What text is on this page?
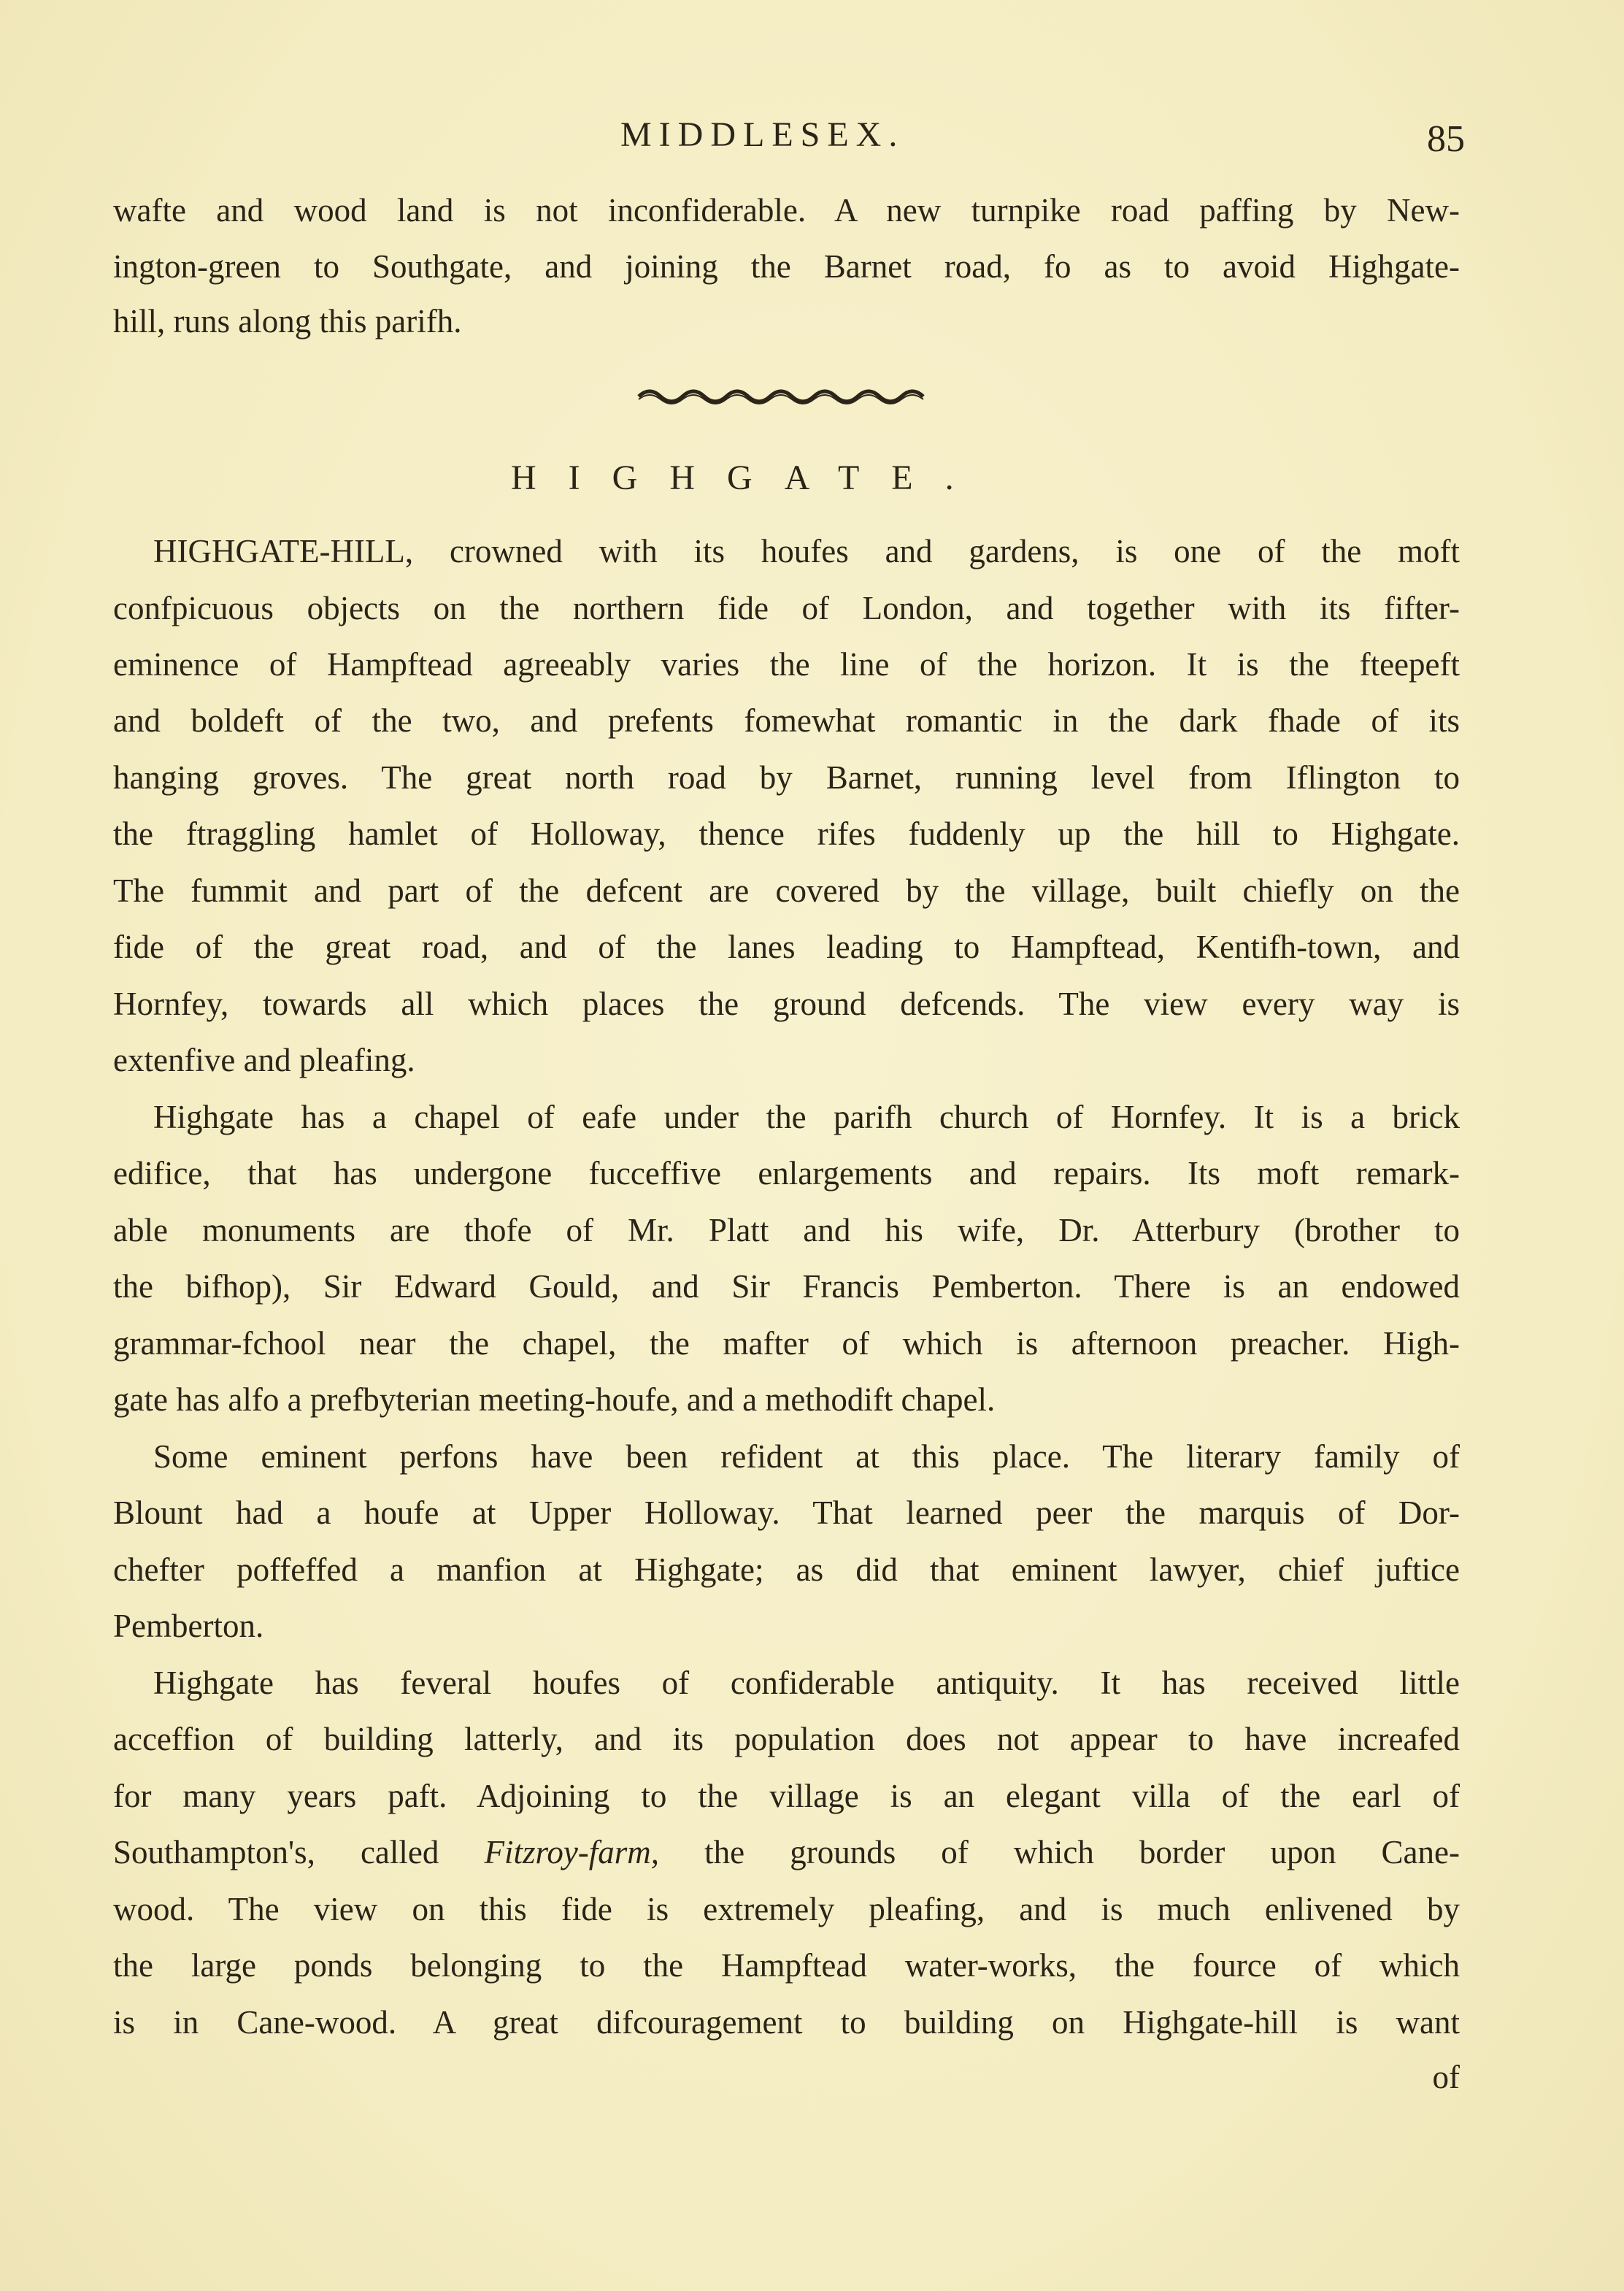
MIDDLESEX.	85
wafte and wood land is not inconfiderable. A new turnpike road paffing by New-
ington-green to Southgate, and joining the Barnet road, fo as to avoid Highgate-
hill, runs along this parifh.
HIGHGATE.
HIGHGATE-HILL, crowned with its houfes and gardens, is one of the moft
confpicuous objects on the northern fide of London, and together with its fifter-
eminence of Hampftead agreeably varies the line of the horizon. It is the fteepeft
and boldeft of the two, and prefents fomewhat romantic in the dark fhade of its
hanging groves. The great north road by Barnet, running level from Iflington to
the ftraggling hamlet of Holloway, thence rifes fuddenly up the hill to Highgate.
The fummit and part of the defcent are covered by the village, built chiefly on the
fide of the great road, and of the lanes leading to Hampftead, Kentifh-town, and
Hornfey, towards all which places the ground defcends. The view every way is
extenfive and pleafing.
Highgate has a chapel of eafe under the parifh church of Hornfey. It is a brick
edifice, that has undergone fucceffive enlargements and repairs. Its moft remark-
able monuments are thofe of Mr. Platt and his wife, Dr. Atterbury (brother to
the bifhop), Sir Edward Gould, and Sir Francis Pemberton. There is an endowed
grammar-fchool near the chapel, the mafter of which is afternoon preacher. High-
gate has alfo a prefbyterian meeting-houfe, and a methodift chapel.
Some eminent perfons have been refident at this place. The literary family of
Blount had a houfe at Upper Holloway. That learned peer the marquis of Dor-
chefter poffeffed a manfion at Highgate; as did that eminent lawyer, chief juftice
Pemberton.
Highgate has feveral houfes of confiderable antiquity. It has received little
acceffion of building latterly, and its population does not appear to have increafed
for many years paft. Adjoining to the village is an elegant villa of the earl of
Southampton's, called Fitzroy-farm, the grounds of which border upon Cane-
wood. The view on this fide is extremely pleafing, and is much enlivened by
the large ponds belonging to the Hampftead water-works, the fource of which
is in Cane-wood. A great difcouragement to building on Highgate-hill is want
of
